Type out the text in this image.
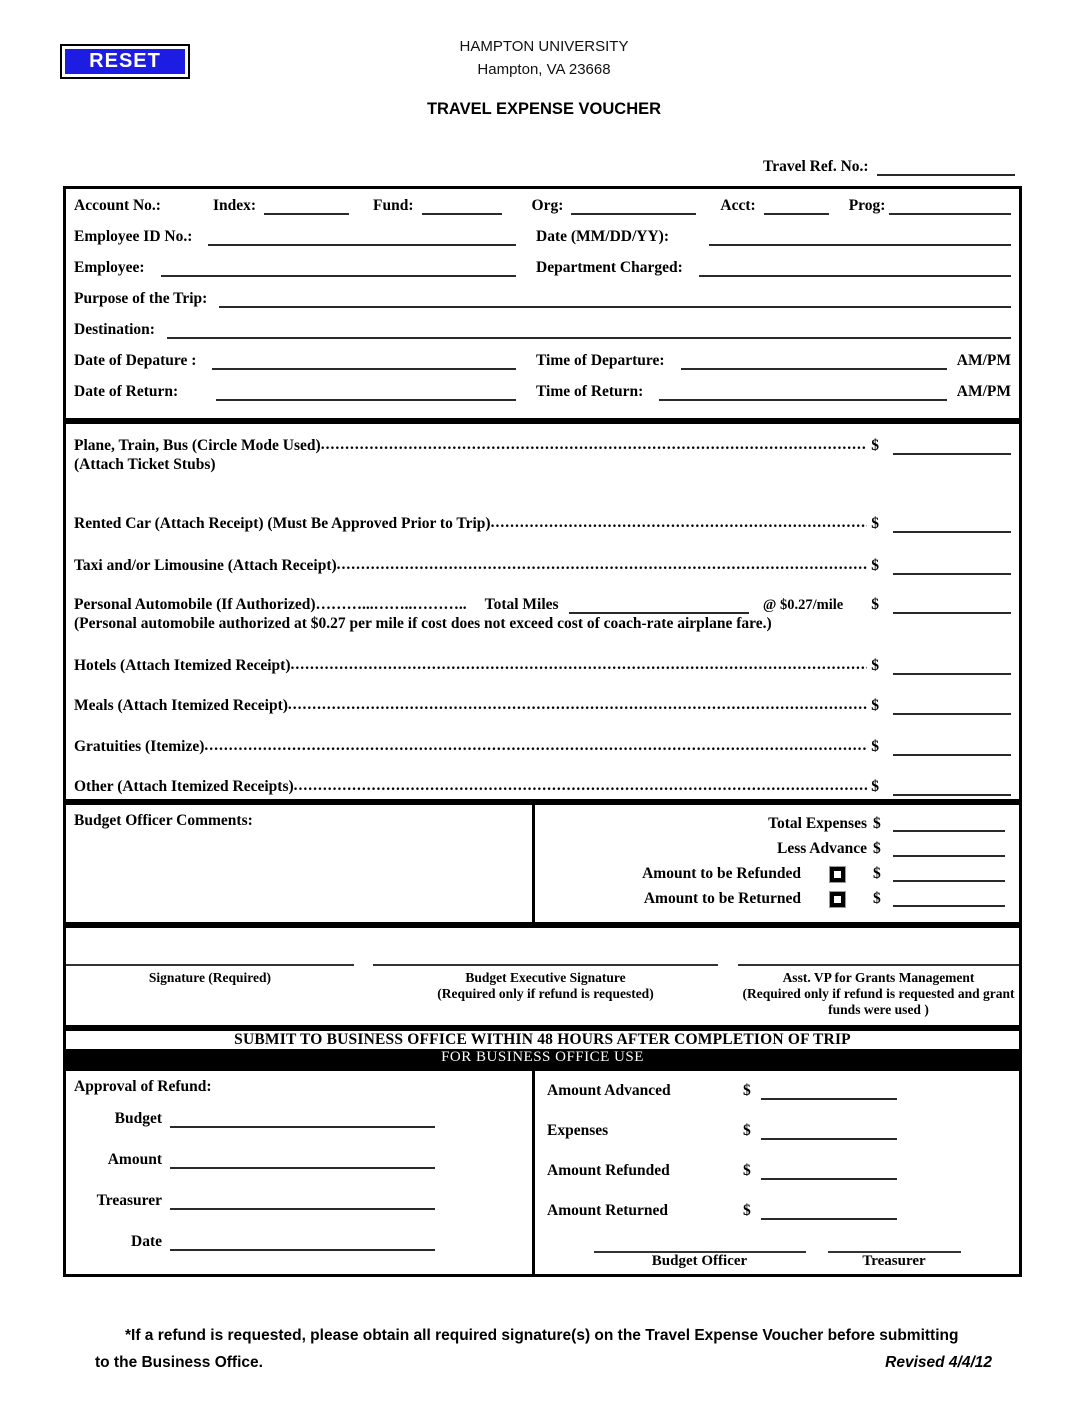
RESET
HAMPTON UNIVERSITY
Hampton, VA 23668
TRAVEL EXPENSE VOUCHER
Travel Ref. No.:
Account No.:	Index:	Fund:	Org:	Acct:	Prog:
Employee ID No.:	Date (MM/DD/YY):
Employee:	Department Charged:
Purpose of the Trip:
Destination:
Date of Depature :	Time of Departure:	AM/PM
Date of Return:	Time of Return:	AM/PM
Plane, Train, Bus (Circle Mode Used) .....	$
(Attach Ticket Stubs)
Rented Car (Attach Receipt) (Must Be Approved Prior to Trip) .....	$
Taxi and/or Limousine (Attach Receipt) .....	$
Personal Automobile (If Authorized)………...……..……….. Total Miles	@ $0.27/mile $
(Personal automobile authorized at $0.27 per mile if cost does not exceed cost of coach-rate airplane fare.)
Hotels (Attach Itemized Receipt) .....	$
Meals (Attach Itemized Receipt) .....	$
Gratuities (Itemize) .....	$
Other (Attach Itemized Receipts) .....	$
Budget Officer Comments:	Total Expenses $
Less Advance $
Amount to be Refunded	$
Amount to be Returned	$
Signature (Required)	Budget Executive Signature
(Required only if refund is requested)
Asst. VP for Grants Management
(Required only if refund is requested and grant funds were used )
SUBMIT TO BUSINESS OFFICE WITHIN 48 HOURS AFTER COMPLETION OF TRIP
FOR BUSINESS OFFICE USE
Approval of Refund:
Budget
Amount
Treasurer
Date
Amount Advanced	$
Expenses	$
Amount Refunded	$
Amount Returned	$
Budget Officer	Treasurer
*If a refund is requested, please obtain all required signature(s) on the Travel Expense Voucher before submitting
to the Business Office.	Revised 4/4/12
